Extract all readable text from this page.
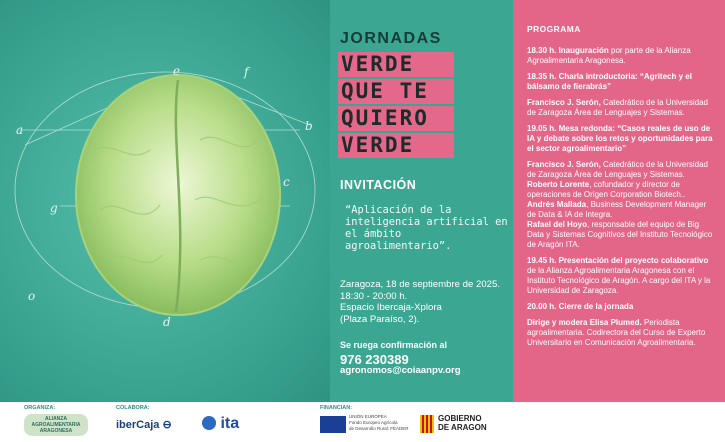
a	b
c
d
e	f
g
o
JORNADAS
VERDE
QUE TE
QUIERO
VERDE
INVITACIÓN
“Aplicación de la inteligencia artificial en el ámbito agroalimentario”.
Zaragoza, 18 de septiembre de 2025.
18:30 - 20:00 h.
Espacio Ibercaja-Xplora
(Plaza Paraíso, 2).
Se ruega confirmación al
976 230389
agronomos@coiaanpv.org
PROGRAMA
18.30 h. Inauguración por parte de la Alianza Agroalimentaria Aragonesa.
18.35 h. Charla introductoria: “Agritech y el bálsamo de fierabrás”
Francisco J. Serón, Catedrático de la Universidad de Zaragoza Área de Lenguajes y Sistemas.
19.05 h. Mesa redonda: “Casos reales de uso de IA y debate sobre los retos y oportunidades para el sector agroalimentario”
Francisco J. Serón, Catedrático de la Universidad de Zaragoza Área de Lenguajes y Sistemas.
Roberto Lorente, cofundador y director de operaciones de Origen Corporation Biotech..
Andrés Mallada, Business Development Manager de Data & IA de Integra.
Rafael del Hoyo, responsable del equipo de Big Data y Sistemas Cognitivos del Instituto Tecnológico de Aragón ITA.
19.45 h. Presentación del proyecto colaborativo de la Alianza Agroalimentaria Aragonesa con el Instituto Tecnológico de Aragón. A cargo del ITA y la Universidad de Zaragoza.
20.00 h. Cierre de la jornada
Dirige y modera Elisa Plumed. Periodista agroalimentaria. Codirectora del Curso de Experto Universitario en Comunicación Agroalimentaria.
ORGANIZA:	COLABORA:	FINANCIAN:
ALIANZA
AGROALIMENTARIA
ARAGONESA	iberCaja ⊖	ita	UNIÓN EUROPEA
Fondo Europeo Agrícola
de Desarrollo Rural: FEADER
GOBIERNO
DE ARAGON
